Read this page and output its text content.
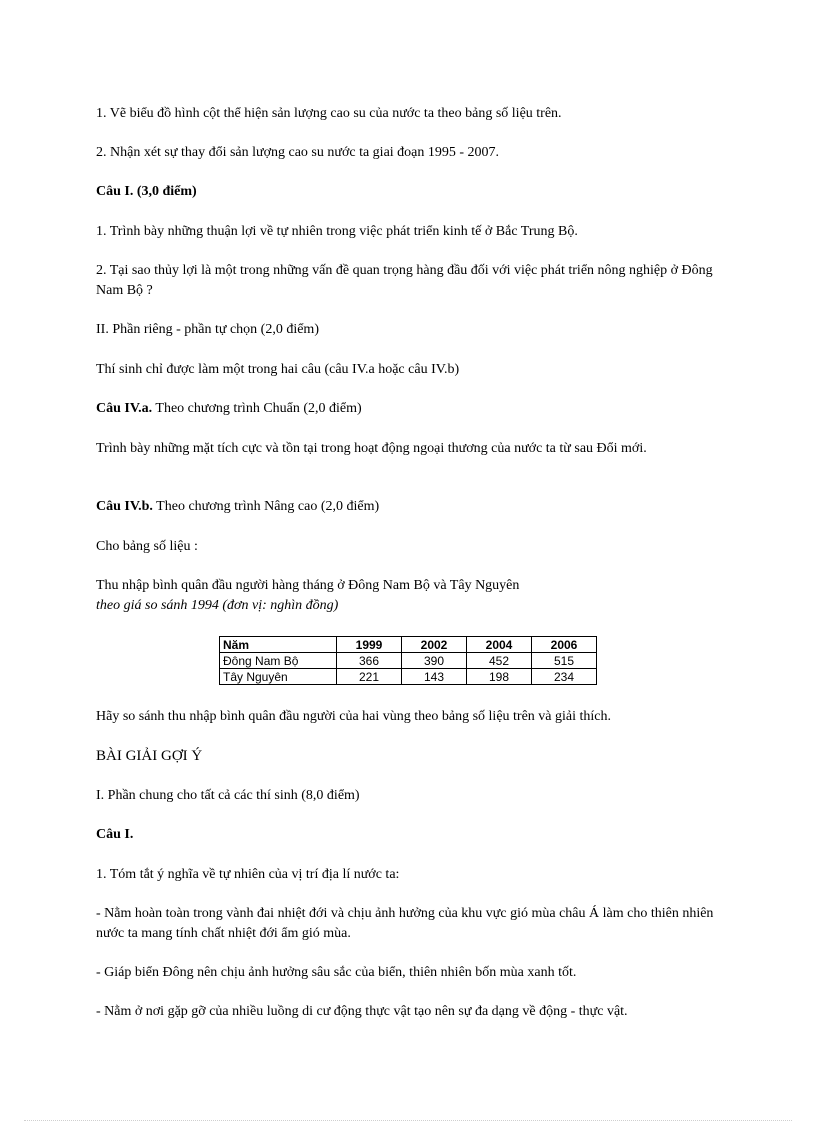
1. Vẽ biểu đồ hình cột thể hiện sản lượng cao su của nước ta theo bảng số liệu trên.

2. Nhận xét sự thay đổi sản lượng cao su nước ta giai đoạn 1995 - 2007.

Câu I. (3,0 điểm)

1. Trình bày những thuận lợi về tự nhiên trong việc phát triển kinh tế ở Bắc Trung Bộ.

2. Tại sao thủy lợi là một trong những vấn đề quan trọng hàng đầu đối với việc phát triển nông nghiệp ở Đông Nam Bộ ?

II. Phần riêng - phần tự chọn (2,0 điểm)

Thí sinh chỉ được làm một trong hai câu (câu IV.a hoặc câu IV.b)

Câu IV.a. Theo chương trình Chuẩn (2,0 điểm)

Trình bày những mặt tích cực và tồn tại trong hoạt động ngoại thương của nước ta từ sau Đổi mới.

Câu IV.b. Theo chương trình Nâng cao (2,0 điểm)

Cho bảng số liệu :

Thu nhập bình quân đầu người hàng tháng ở Đông Nam Bộ và Tây Nguyên

theo giá so sánh 1994 (đơn vị: nghìn đồng)

Năm	1999	2002	2004	2006
Đông Nam Bộ	366	390	452	515
Tây Nguyên	221	143	198	234

Hãy so sánh thu nhập bình quân đầu người của hai vùng theo bảng số liệu trên và giải thích.

BÀI GIẢI GỢI Ý

I. Phần chung cho tất cả các thí sinh (8,0 điểm)

Câu I.

1. Tóm tắt ý nghĩa về tự nhiên của vị trí địa lí nước ta:

- Nằm hoàn toàn trong vành đai nhiệt đới và chịu ảnh hưởng của khu vực gió mùa châu Á làm cho thiên nhiên nước ta mang tính chất nhiệt đới ẩm gió mùa.

- Giáp biển Đông nên chịu ảnh hưởng sâu sắc của biển, thiên nhiên bốn mùa xanh tốt.

- Nằm ở nơi gặp gỡ của nhiều luồng di cư động thực vật tạo nên sự đa dạng về động - thực vật.
